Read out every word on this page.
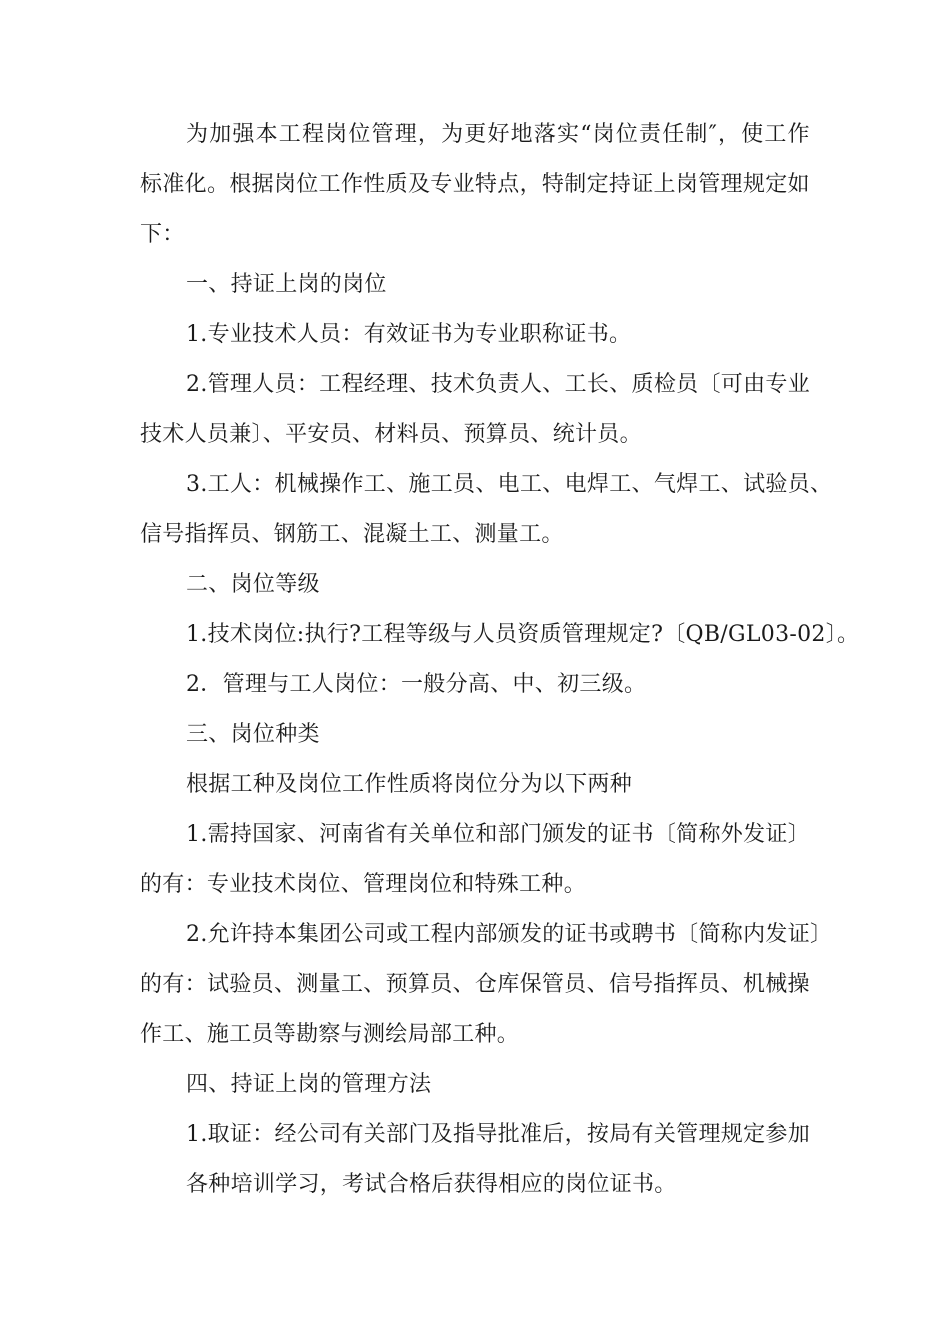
为 加 强 本 工 程 岗 位 管 理 ， 为 更 好 地 落 实 “ 岗 位 责 任 制 ″ ， 使 工 作
标 准 化 。 根 据 岗 位 工 作 性 质 及 专 业 特 点 ， 特 制 定 持 证 上 岗 管 理 规 定 如
下：
一、持证上岗的岗位
1.专业技术人员：有效证书为专业职称证书。
2 . 管 理 人 员 ： 工 程 经 理 、 技 术 负 责 人 、 工 长 、 质 检 员 〔 可 由 专 业
技术人员兼〕、平安员、材料员、预算员、统计员。
3 . 工 人 ： 机 械 操 作 工 、 施 工 员 、 电 工 、 电 焊 工 、 气 焊 工 、 试 验 员 、
信号指挥员、钢筋工、混凝土工、测量工。
二、岗位等级
1.技术岗位:执行?工程等级与人员资质管理规定?〔QB/GL03-02〕。
2．管理与工人岗位：一般分高、中、初三级。
三、岗位种类
根据工种及岗位工作性质将岗位分为以下两种
1 . 需 持 国 家 、 河 南 省 有 关 单 位 和 部 门 颁 发 的 证 书 〔 简 称 外 发 证 〕
的有：专业技术岗位、管理岗位和特殊工种。
2 . 允 许 持 本 集 团 公 司 或 工 程 内 部 颁 发 的 证 书 或 聘 书 〔 简 称 内 发 证 〕
的 有 ： 试 验 员 、 测 量 工 、 预 算 员 、 仓 库 保 管 员 、 信 号 指 挥 员 、 机 械 操
作工、施工员等勘察与测绘局部工种。
四、持证上岗的管理方法
1 . 取 证 ： 经 公 司 有 关 部 门 及 指 导 批 准 后 ， 按 局 有 关 管 理 规 定 参 加
各种培训学习，考试合格后获得相应的岗位证书。
